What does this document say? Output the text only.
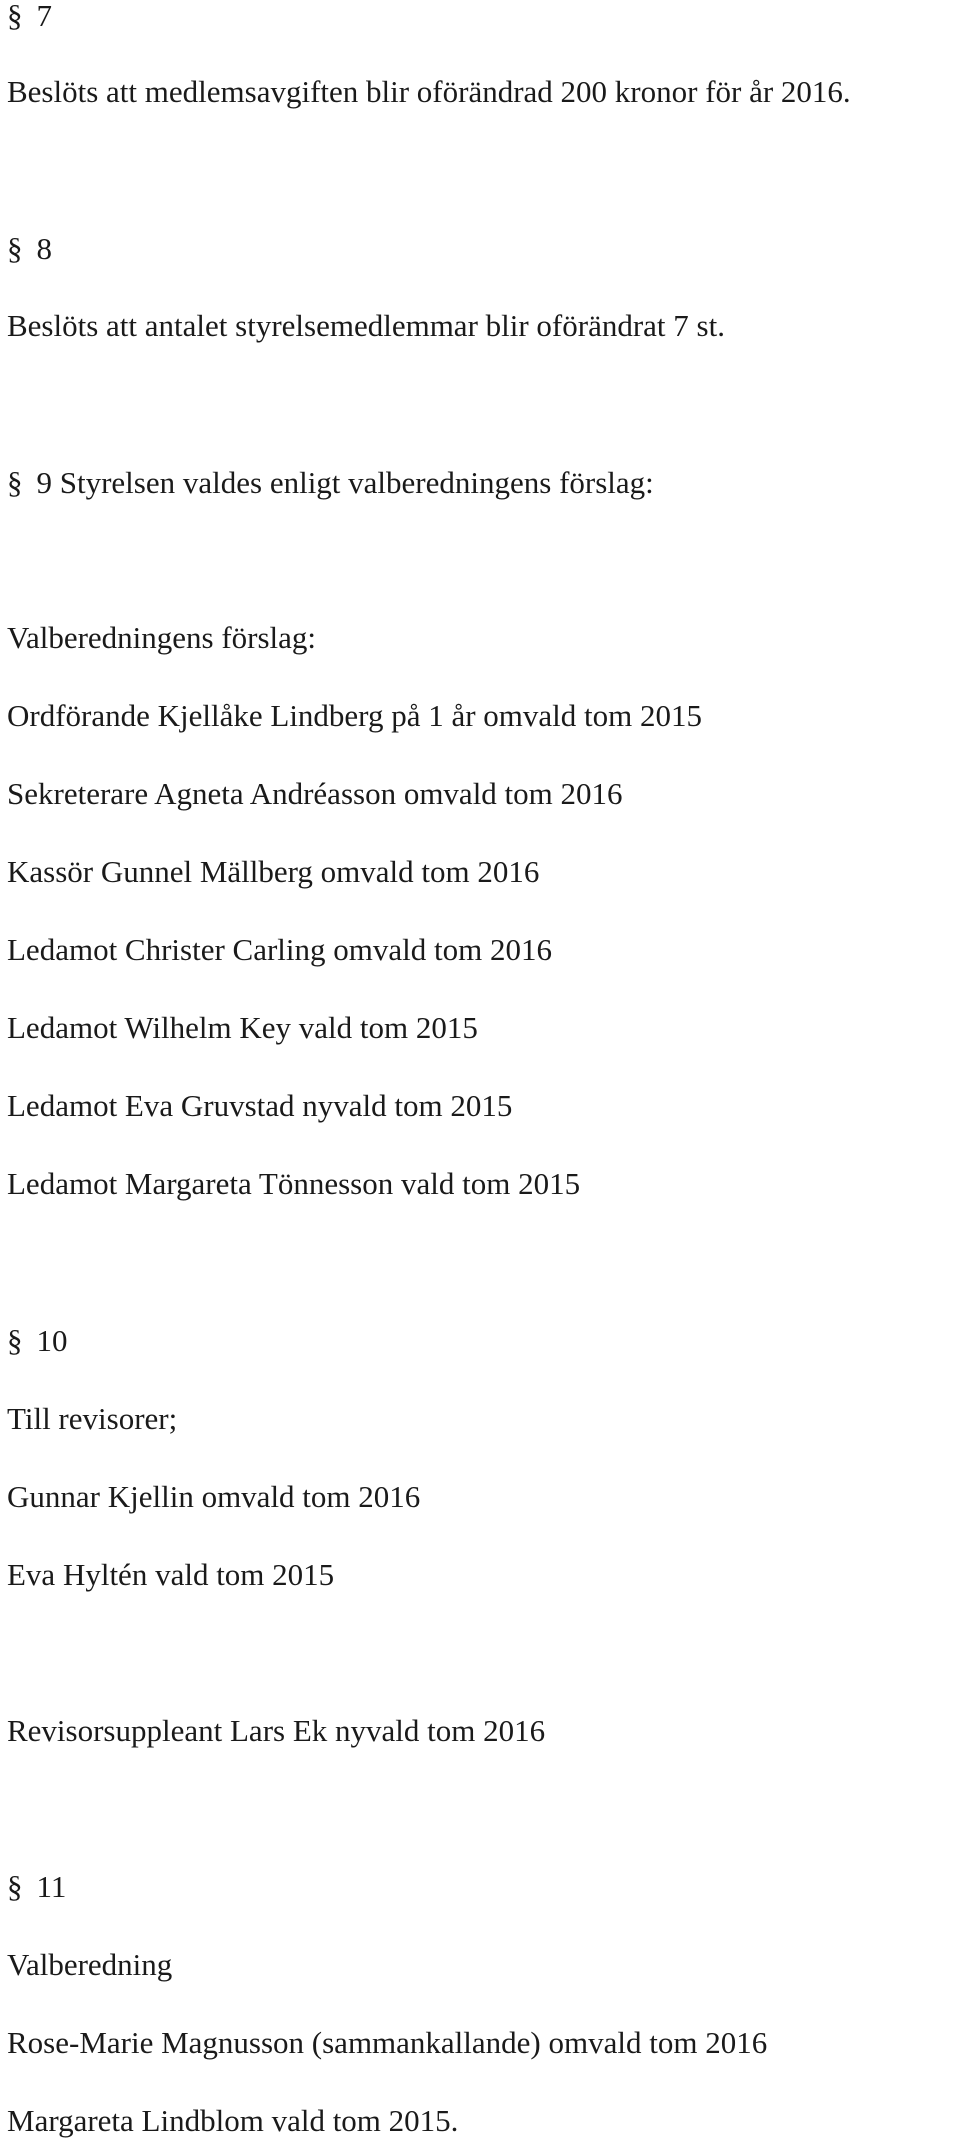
§ 7
Beslöts att medlemsavgiften blir oförändrad 200 kronor för år 2016.
§ 8
Beslöts att antalet styrelsemedlemmar blir oförändrat 7 st.
§ 9 Styrelsen valdes enligt valberedningens förslag:
Valberedningens förslag:
Ordförande Kjellåke Lindberg på 1 år omvald tom 2015
Sekreterare Agneta Andréasson omvald tom 2016
Kassör Gunnel Mällberg omvald tom 2016
Ledamot Christer Carling omvald tom 2016
Ledamot Wilhelm Key vald tom 2015
Ledamot Eva Gruvstad nyvald tom 2015
Ledamot Margareta Tönnesson vald tom 2015
§ 10
Till revisorer;
Gunnar Kjellin omvald tom 2016
Eva Hyltén vald tom 2015
Revisorsuppleant Lars Ek nyvald tom 2016
§ 11
Valberedning
Rose-Marie Magnusson (sammankallande) omvald tom 2016
Margareta Lindblom vald tom 2015.
